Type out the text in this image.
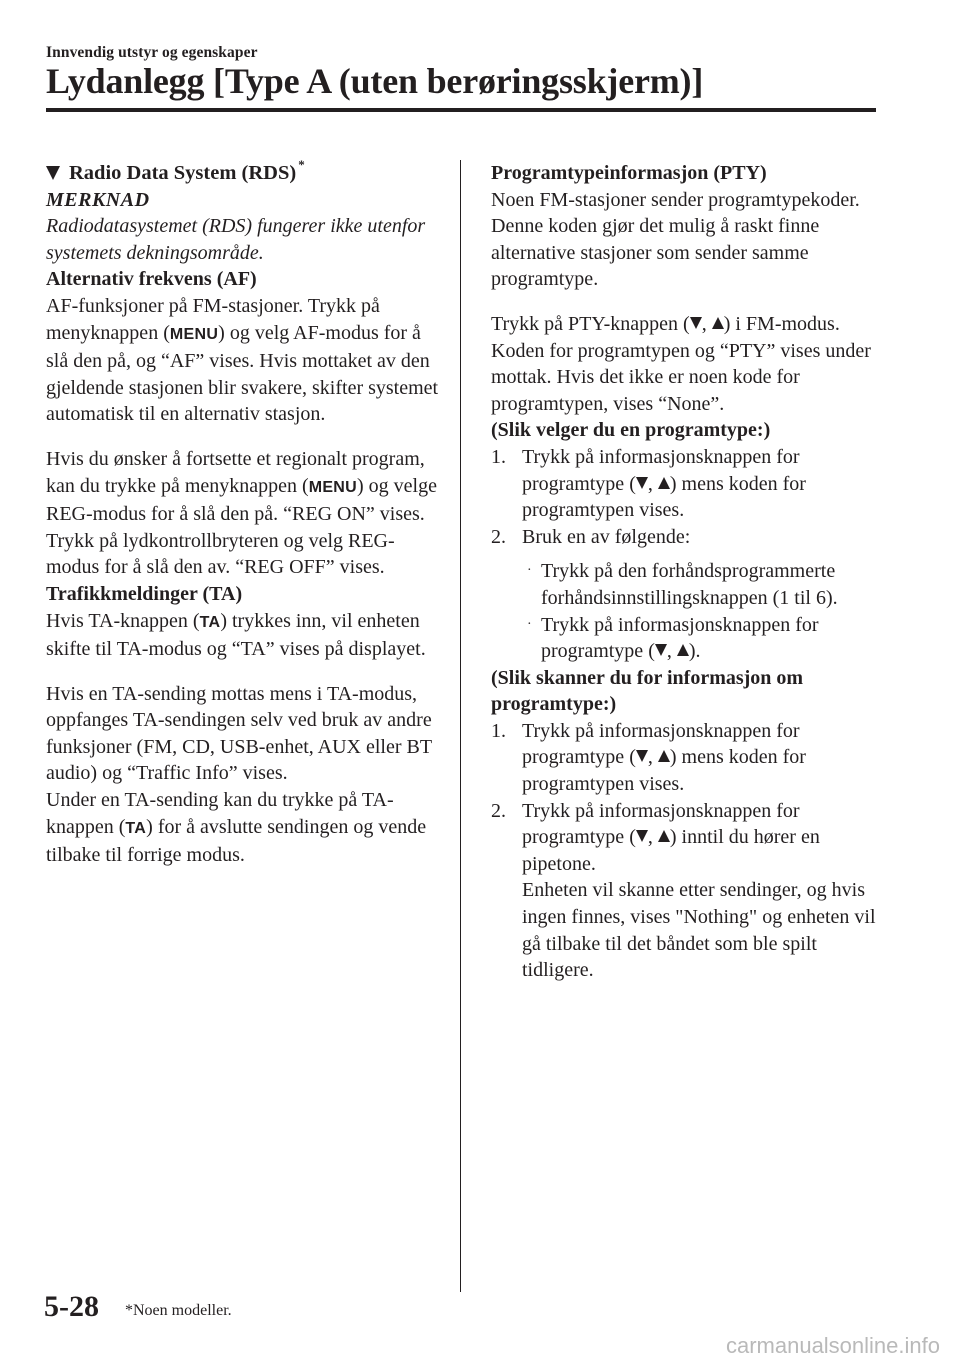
Innvendig utstyr og egenskaper
Lydanlegg [Type A (uten berøringsskjerm)]
Radio Data System (RDS) *

MERKNAD

Radiodatasystemet (RDS) fungerer ikke utenfor systemets dekningsområde.

Alternativ frekvens (AF)

AF-funksjoner på FM-stasjoner. Trykk på menyknappen (MENU) og velg AF-modus for å slå den på, og “AF” vises. Hvis mottaket av den gjeldende stasjonen blir svakere, skifter systemet automatisk til en alternativ stasjon.

Hvis du ønsker å fortsette et regionalt program, kan du trykke på menyknappen (MENU) og velge REG-modus for å slå den på. “REG ON” vises. Trykk på lydkontrollbryteren og velg REG-modus for å slå den av. “REG OFF” vises.

Trafikkmeldinger (TA)

Hvis TA-knappen (TA) trykkes inn, vil enheten skifte til TA-modus og “TA” vises på displayet.

Hvis en TA-sending mottas mens i TA-modus, oppfanges TA-sendingen selv ved bruk av andre funksjoner (FM, CD, USB-enhet, AUX eller BT audio) og “Traffic Info” vises.

Under en TA-sending kan du trykke på TA-knappen (TA) for å avslutte sendingen og vende tilbake til forrige modus.

Programtypeinformasjon (PTY)

Noen FM-stasjoner sender programtypekoder. Denne koden gjør det mulig å raskt finne alternative stasjoner som sender samme programtype.

Trykk på PTY-knappen ( , ) i FM-modus. Koden for programtypen og “PTY” vises under mottak. Hvis det ikke er noen kode for programtypen, vises “None”.

(Slik velger du en programtype:)

1. Trykk på informasjonsknappen for programtype ( , ) mens koden for programtypen vises.
2. Bruk en av følgende:
· Trykk på den forhåndsprogrammerte forhåndsinnstillingsknappen (1 til 6).
· Trykk på informasjonsknappen for programtype ( , ).

(Slik skanner du for informasjon om programtype:)

1. Trykk på informasjonsknappen for programtype ( , ) mens koden for programtypen vises.
2. Trykk på informasjonsknappen for programtype ( , ) inntil du hører en pipetone.
Enheten vil skanne etter sendinger, og hvis ingen finnes, vises "Nothing" og enheten vil gå tilbake til det båndet som ble spilt tidligere.
5-28 *Noen modeller.
carmanualsonline.info
